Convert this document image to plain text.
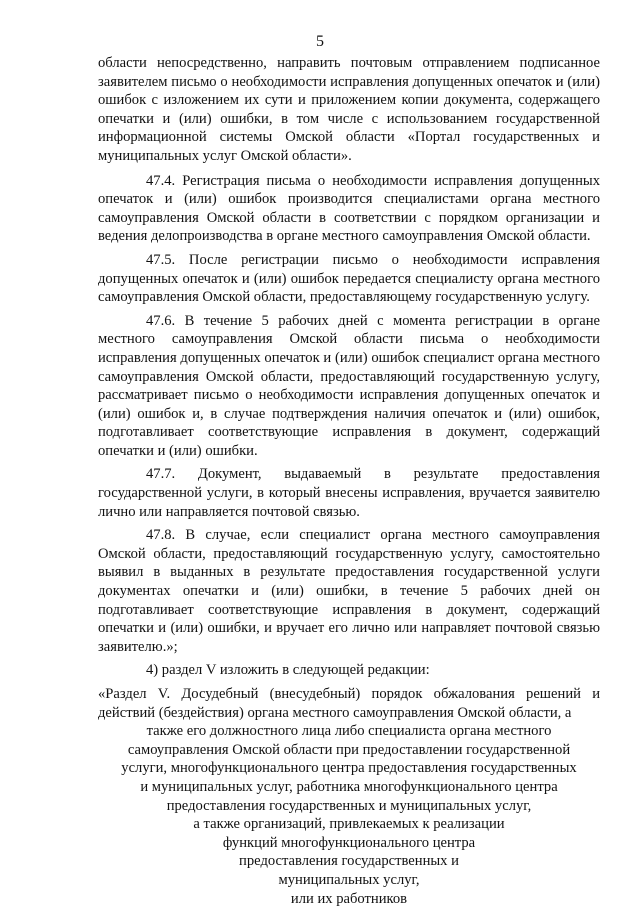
5

области непосредственно, направить почтовым отправлением подписанное заявителем письмо о необходимости исправления допущенных опечаток и (или) ошибок с изложением их сути и приложением копии документа, содержащего опечатки и (или) ошибки, в том числе с использованием государственной информационной системы Омской области «Портал государственных и муниципальных услуг Омской области».

47.4. Регистрация письма о необходимости исправления допущенных опечаток и (или) ошибок производится специалистами органа местного самоуправления Омской области в соответствии с порядком организации и ведения делопроизводства в органе местного самоуправления Омской области.

47.5. После регистрации письмо о необходимости исправления допущенных опечаток и (или) ошибок передается специалисту органа местного самоуправления Омской области, предоставляющему государственную услугу.

47.6. В течение 5 рабочих дней с момента регистрации в органе местного самоуправления Омской области письма о необходимости исправления допущенных опечаток и (или) ошибок специалист органа местного самоуправления Омской области, предоставляющий государственную услугу, рассматривает письмо о необходимости исправления допущенных опечаток и (или) ошибок и, в случае подтверждения наличия опечаток и (или) ошибок, подготавливает соответствующие исправления в документ, содержащий опечатки и (или) ошибки.

47.7. Документ, выдаваемый в результате предоставления государственной услуги, в который внесены исправления, вручается заявителю лично или направляется почтовой связью.

47.8. В случае, если специалист органа местного самоуправления Омской области, предоставляющий государственную услугу, самостоятельно выявил в выданных в результате предоставления государственной услуги документах опечатки и (или) ошибки, в течение 5 рабочих дней он подготавливает соответствующие исправления в документ, содержащий опечатки и (или) ошибки, и вручает его лично или направляет почтовой связью заявителю.»;

4) раздел V изложить в следующей редакции:

«Раздел V. Досудебный (внесудебный) порядок обжалования решений и действий (бездействия) органа местного самоуправления Омской области, а

также его должностного лица либо специалиста органа местного

самоуправления Омской области при предоставлении государственной

услуги, многофункционального центра предоставления государственных

и муниципальных услуг, работника многофункционального центра

предоставления государственных и муниципальных услуг,

а также организаций, привлекаемых к реализации

функций многофункционального центра

предоставления государственных и

муниципальных услуг,

или их работников
